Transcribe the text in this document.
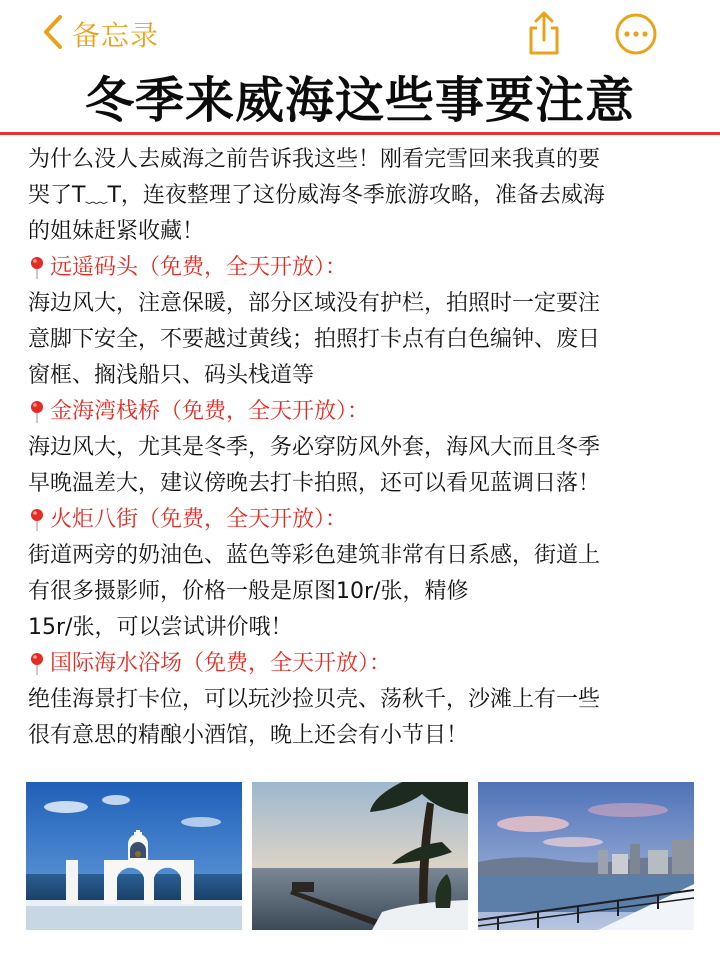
备忘录
冬季来威海这些事要注意

为什么没人去威海之前告诉我这些！刚看完雪回来我真的要

哭了T﹏T，连夜整理了这份威海冬季旅游攻略，准备去威海

的姐妹赶紧收藏！

远遥码头（免费，全天开放）：

海边风大，注意保暖，部分区域没有护栏，拍照时一定要注

意脚下安全，不要越过黄线；拍照打卡点有白色编钟、废日

窗框、搁浅船只、码头栈道等

金海湾栈桥（免费，全天开放）：

海边风大，尤其是冬季，务必穿防风外套，海风大而且冬季

早晚温差大，建议傍晚去打卡拍照，还可以看见蓝调日落！

火炬八街（免费，全天开放）：

街道两旁的奶油色、蓝色等彩色建筑非常有日系感，街道上

有很多摄影师，价格一般是原图10r/张，精修

15r/张，可以尝试讲价哦！

国际海水浴场（免费，全天开放）：

绝佳海景打卡位，可以玩沙捡贝壳、荡秋千，沙滩上有一些

很有意思的精酿小酒馆，晚上还会有小节目！
